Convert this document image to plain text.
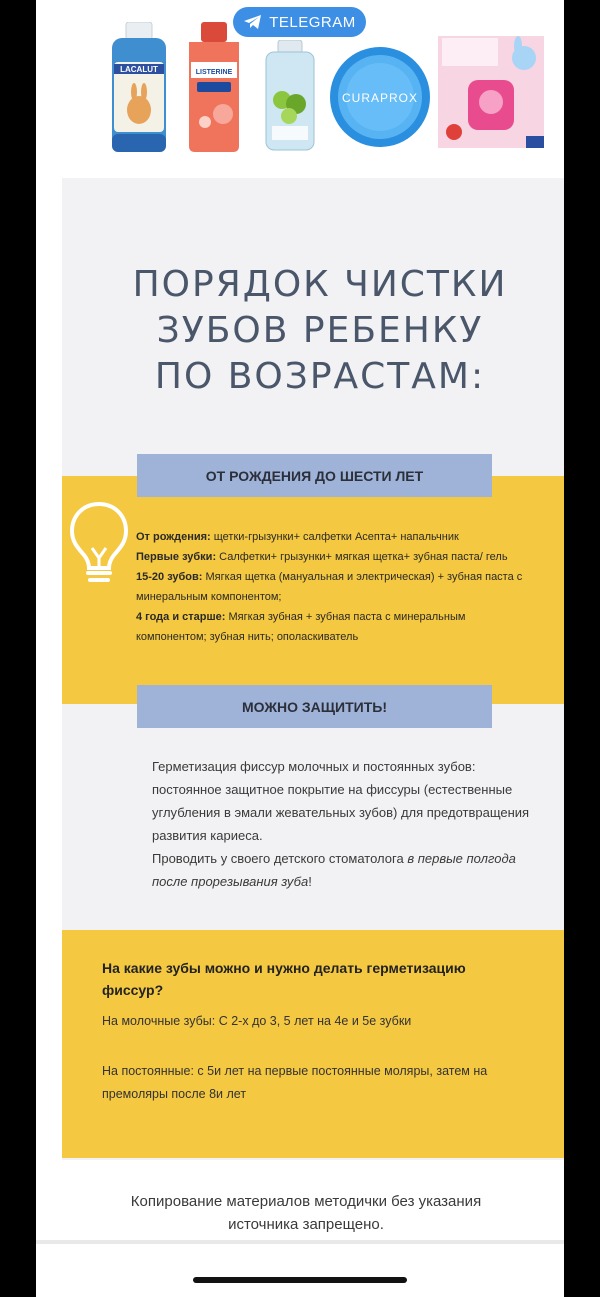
LACALUT	LISTERINE
CURAPROX
TELEGRAM
ПОРЯДОК ЧИСТКИ
ЗУБОВ РЕБЕНКУ
ПО ВОЗРАСТАМ:
ОТ РОЖДЕНИЯ ДО ШЕСТИ ЛЕТ

От рождения: щетки-грызунки+ салфетки Асепта+ напальчник

Первые зубки: Салфетки+ грызунки+ мягкая щетка+ зубная паста/ гель

15-20 зубов: Мягкая щетка (мануальная и электрическая) + зубная паста с минеральным компонентом;

4 года и старше: Мягкая зубная + зубная паста с минеральным компонентом; зубная нить; ополаскиватель

МОЖНО ЗАЩИТИТЬ!

Герметизация фиссур молочных и постоянных зубов: постоянное защитное покрытие на фиссуры (естественные углубления в эмали жевательных зубов) для предотвращения развития кариеса.

Проводить у своего детского стоматолога в первые полгода после прорезывания зуба!

На какие зубы можно и нужно делать герметизацию фиссур?
На молочные зубы: С 2-х до 3, 5 лет на 4е и 5е зубки
На постоянные: с 5и лет на первые постоянные моляры, затем на премоляры после 8и лет
Копирование материалов методички без указания
источника запрещено.
